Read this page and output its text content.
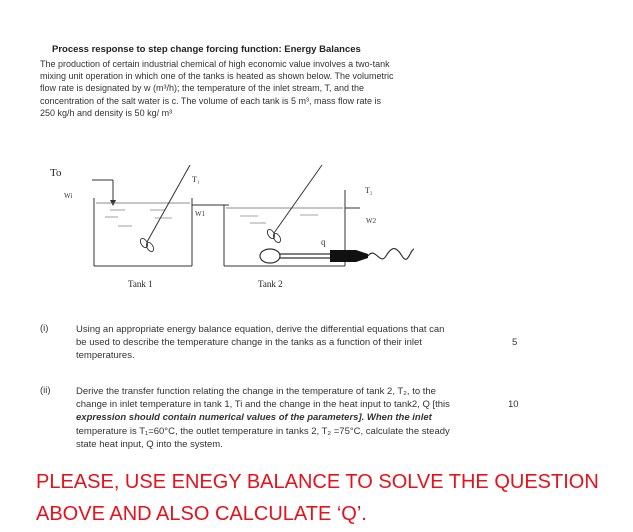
Process response to step change forcing function: Energy Balances
The production of certain industrial chemical of high economic value involves a two-tank
mixing unit operation in which one of the tanks is heated as shown below. The volumetric
flow rate is designated by w (m³/h); the temperature of the inlet stream, T, and the
concentration of the salt water is c. The volume of each tank is 5 m³, mass flow rate is
250 kg/h and density is 50 kg/ m³
To
Wi
T₁
W1
T₂
W2
q
Tank 1	Tank 2
(i)	Using an appropriate energy balance equation, derive the differential equations that can
be used to describe the temperature change in the tanks as a function of their inlet
temperatures.
5
(ii)	Derive the transfer function relating the change in the temperature of tank 2, T₂, to the
change in inlet temperature in tank 1, Ti and the change in the heat input to tank2, Q [this
expression should contain numerical values of the parameters]. When the inlet
temperature is T₁=60°C, the outlet temperature in tanks 2, T₂ =75°C, calculate the steady
state heat input, Q into the system.
10
PLEASE, USE ENEGY BALANCE TO SOLVE THE QUESTION
ABOVE AND ALSO CALCULATE ‘Q’.
